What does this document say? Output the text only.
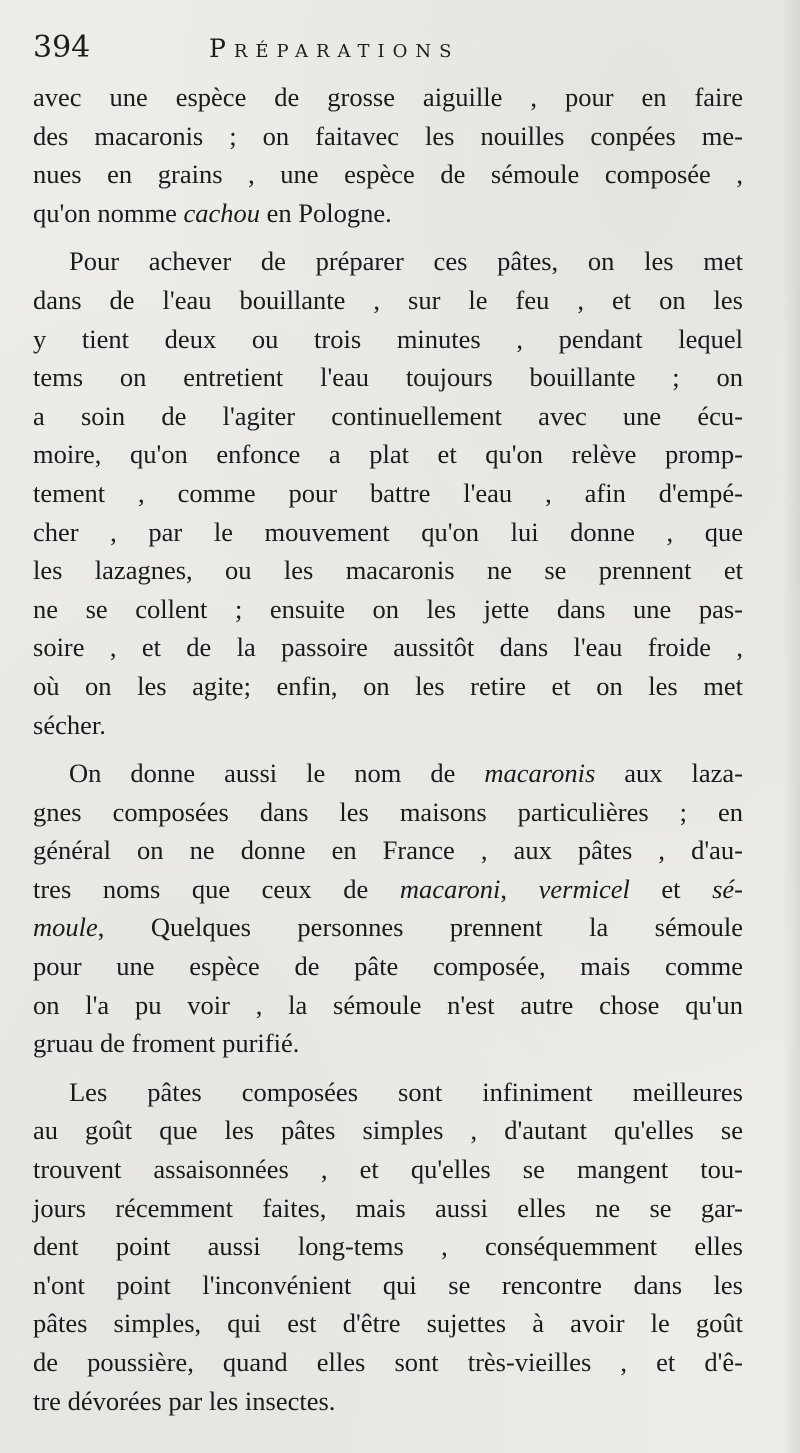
394	Préparations
avec une espèce de grosse aiguille , pour en faire
des macaronis ; on faitavec les nouilles conpées me-
nues en grains , une espèce de sémoule composée ,
qu'on nomme cachou en Pologne.
Pour achever de préparer ces pâtes, on les met
dans de l'eau bouillante , sur le feu , et on les
y tient deux ou trois minutes , pendant lequel
tems on entretient l'eau toujours bouillante ; on
a soin de l'agiter continuellement avec une écu-
moire, qu'on enfonce a plat et qu'on relève promp-
tement , comme pour battre l'eau , afin d'empé-
cher , par le mouvement qu'on lui donne , que
les lazagnes, ou les macaronis ne se prennent et
ne se collent ; ensuite on les jette dans une pas-
soire , et de la passoire aussitôt dans l'eau froide ,
où on les agite; enfin, on les retire et on les met
sécher.
On donne aussi le nom de macaronis aux laza-
gnes composées dans les maisons particulières ; en
général on ne donne en France , aux pâtes , d'au-
tres noms que ceux de macaroni, vermicel et sé-
moule, Quelques personnes prennent la sémoule
pour une espèce de pâte composée, mais comme
on l'a pu voir , la sémoule n'est autre chose qu'un
gruau de froment purifié.
Les pâtes composées sont infiniment meilleures
au goût que les pâtes simples , d'autant qu'elles se
trouvent assaisonnées , et qu'elles se mangent tou-
jours récemment faites, mais aussi elles ne se gar-
dent point aussi long-tems , conséquemment elles
n'ont point l'inconvénient qui se rencontre dans les
pâtes simples, qui est d'être sujettes à avoir le goût
de poussière, quand elles sont très-vieilles , et d'ê-
tre dévorées par les insectes.
